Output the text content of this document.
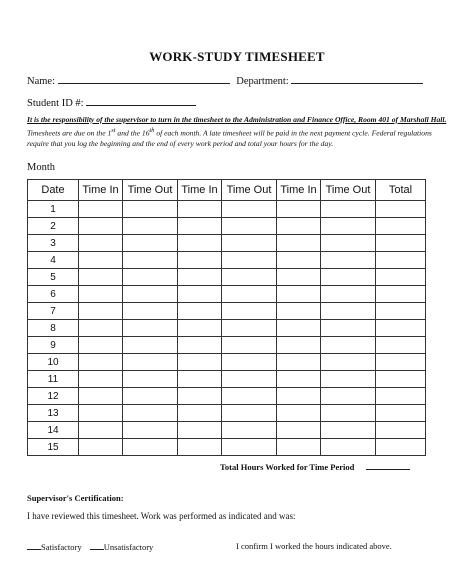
WORK-STUDY TIMESHEET
Name:	Department:
Student ID #:
It is the responsibility of the supervisor to turn in the timesheet to the Administration and Finance Office, Room 401 of Marshall Hall. Timesheets are due on the 1st and the 16th of each month. A late timesheet will be paid in the next payment cycle. Federal regulations require that you log the beginning and the end of every work period and total your hours for the day.
Month
Date	Time In	Time Out	Time In	Time Out	Time In	Time Out	Total
1							
2							
3							
4							
5							
6							
7							
8							
9							
10							
11							
12							
13							
14							
15							
Total Hours Worked for Time Period
Supervisor's Certification:
I have reviewed this timesheet. Work was performed as indicated and was:
Satisfactory	Unsatisfactory	I confirm I worked the hours indicated above.
